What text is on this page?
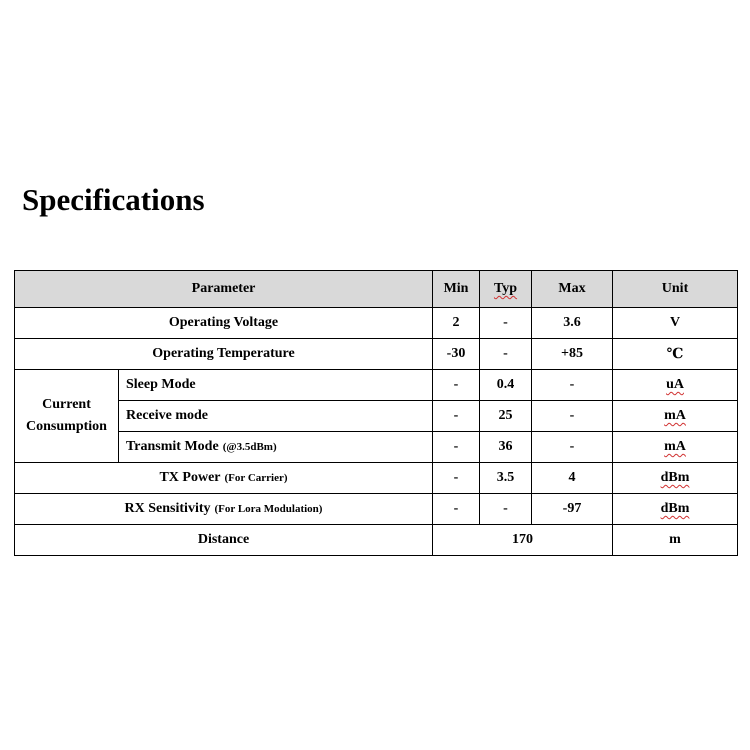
Specifications
Parameter		Min	Typ	Max	Unit
Operating Voltage		2	-	3.6	V
Operating Temperature		-30	-	+85	℃

Current
Consumption	Sleep Mode	-	0.4	-	uA
	Receive mode	-	25	-	mA
	Transmit Mode (@3.5dBm)	-	36	-	mA
TX Power (For Carrier)		-	3.5	4	dBm
RX Sensitivity (For Lora Modulation)		-	-	-97	dBm
Distance		170			m
